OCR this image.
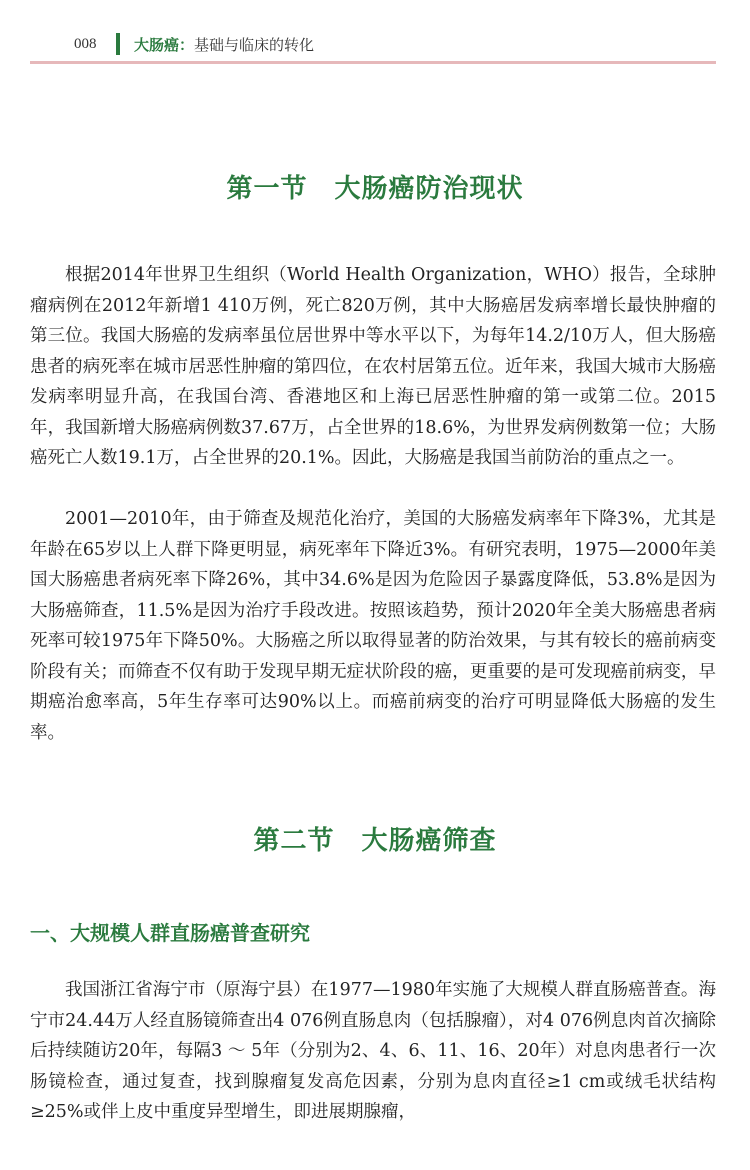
008	大肠癌：基础与临床的转化
第一节　大肠癌防治现状

根据2014年世界卫生组织（World Health Organization，WHO）报告，全球肿瘤病例在2012年新增1 410万例，死亡820万例，其中大肠癌居发病率增长最快肿瘤的第三位。我国大肠癌的发病率虽位居世界中等水平以下，为每年14.2/10万人，但大肠癌患者的病死率在城市居恶性肿瘤的第四位，在农村居第五位。近年来，我国大城市大肠癌发病率明显升高，在我国台湾、香港地区和上海已居恶性肿瘤的第一或第二位。2015年，我国新增大肠癌病例数37.67万，占全世界的18.6%，为世界发病例数第一位；大肠癌死亡人数19.1万，占全世界的20.1%。因此，大肠癌是我国当前防治的重点之一。

2001—2010年，由于筛查及规范化治疗，美国的大肠癌发病率年下降3%，尤其是年龄在65岁以上人群下降更明显，病死率年下降近3%。有研究表明，1975—2000年美国大肠癌患者病死率下降26%，其中34.6%是因为危险因子暴露度降低，53.8%是因为大肠癌筛查，11.5%是因为治疗手段改进。按照该趋势，预计2020年全美大肠癌患者病死率可较1975年下降50%。大肠癌之所以取得显著的防治效果，与其有较长的癌前病变阶段有关；而筛查不仅有助于发现早期无症状阶段的癌，更重要的是可发现癌前病变，早期癌治愈率高，5年生存率可达90%以上。而癌前病变的治疗可明显降低大肠癌的发生率。

第二节　大肠癌筛查
一、大规模人群直肠癌普查研究

我国浙江省海宁市（原海宁县）在1977—1980年实施了大规模人群直肠癌普查。海宁市24.44万人经直肠镜筛查出4 076例直肠息肉（包括腺瘤），对4 076例息肉首次摘除后持续随访20年，每隔3 ～ 5年（分别为2、4、6、11、16、20年）对息肉患者行一次肠镜检查，通过复查，找到腺瘤复发高危因素，分别为息肉直径≥1 cm或绒毛状结构≥25%或伴上皮中重度异型增生，即进展期腺瘤，
